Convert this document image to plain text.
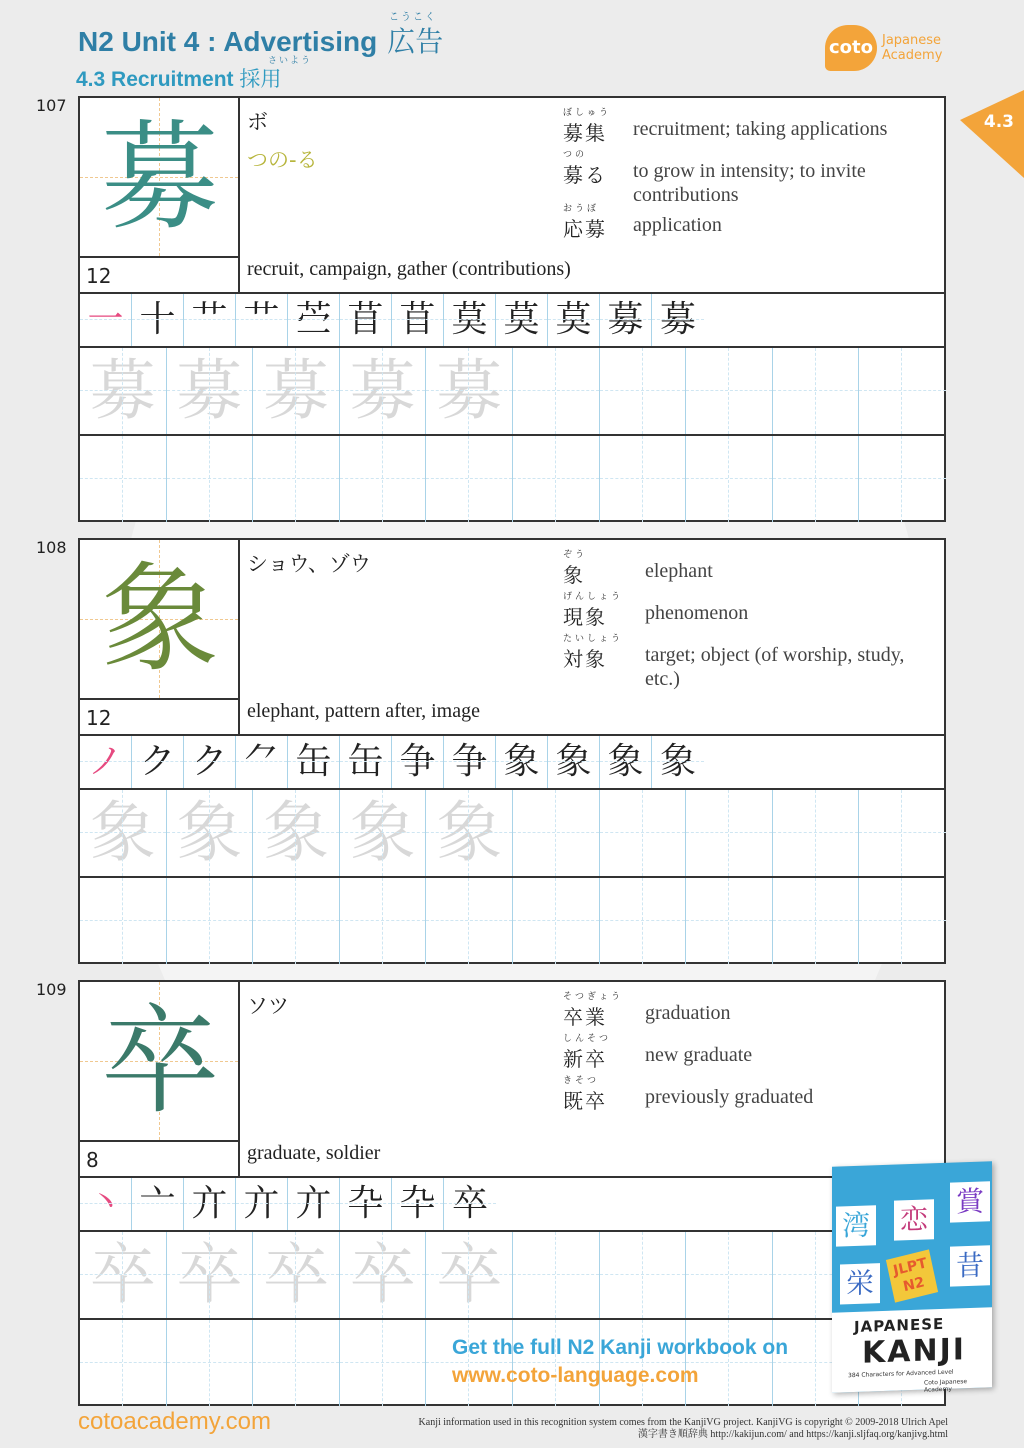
N2 Unit 4 : Advertising 広告
こうこく
4.3 Recruitment 採用
さいよう
coto Japanese
Academy
4.3
107
募
12
ボ
つの-る
recruit, campaign, gather (contributions)
ぼしゅう
募集 recruitment; taking applications
つの
募る to grow in intensity; to invite contributions
おうぼ
応募 application
一 十 艹 艹 苎 苜 苜 莫 莫 莫 募 募
募 募 募 募 募
108
象
12
ショウ、ゾウ
elephant, pattern after, image
ぞう
象	elephant
げんしょう
現象 phenomenon
たいしょう
対象 target; object (of worship, study, etc.)
ノ ク ク ⺈ 缶 缶 争 争 象 象 象 象
象 象 象 象 象
109
卒
8
ソツ
graduate, soldier
そつぎょう
卒業 graduation
しんそつ
新卒 new graduate
きそつ
既卒 previously graduated
丶 亠 亣 亣 亣 卆 卆 卒
卒 卒 卒 卒 卒
Get the full N2 Kanji workbook on
www.coto-language.com
湾 恋
賞
栄
昔
JLPT
N2
JAPANESE
KANJI
384 Characters for Advanced Level
Coto Japanese Academy
cotoacademy.com	Kanji information used in this recognition system comes from the KanjiVG project. KanjiVG is copyright © 2009-2018 Ulrich Apel
漢字書き順辞典 http://kakijun.com/ and https://kanji.sljfaq.org/kanjivg.html
